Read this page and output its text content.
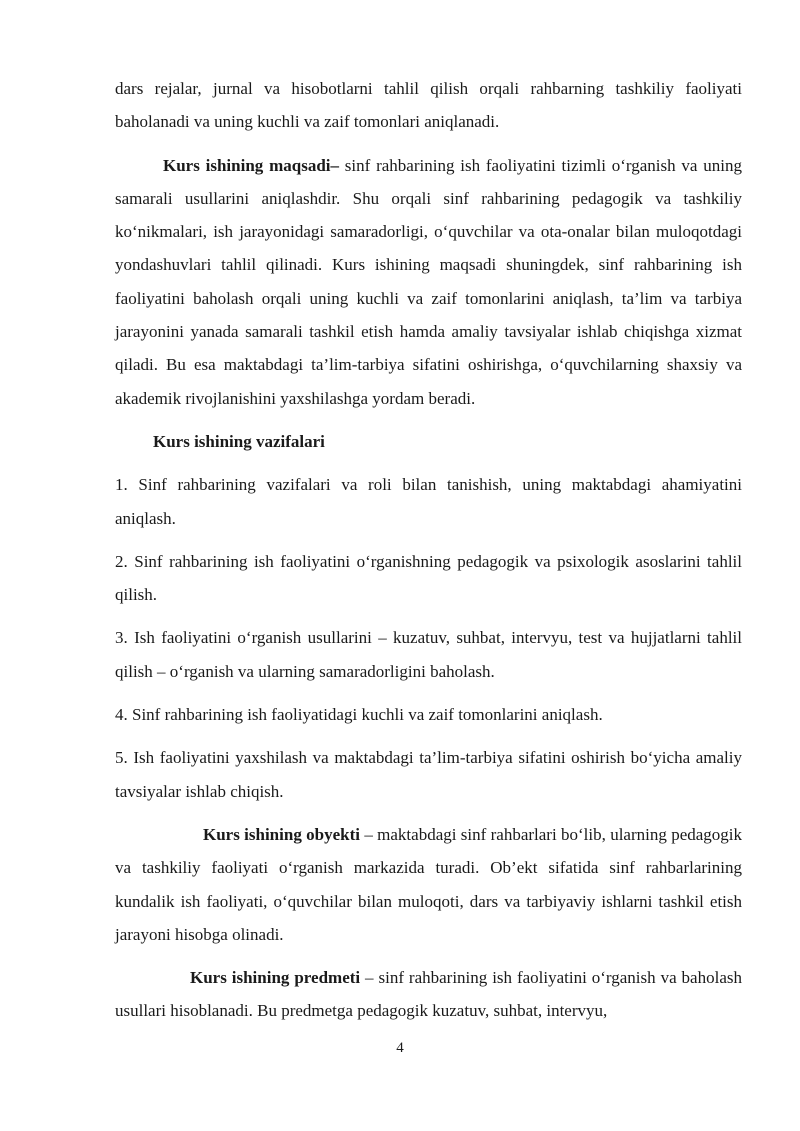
dars rejalar, jurnal va hisobotlarni tahlil qilish orqali rahbarning tashkiliy faoliyati baholanadi va uning kuchli va zaif tomonlari aniqlanadi.

Kurs ishining maqsadi– sinf rahbarining ish faoliyatini tizimli o‘rganish va uning samarali usullarini aniqlashdir. Shu orqali sinf rahbarining pedagogik va tashkiliy ko‘nikmalari, ish jarayonidagi samaradorligi, o‘quvchilar va ota-onalar bilan muloqotdagi yondashuvlari tahlil qilinadi. Kurs ishining maqsadi shuningdek, sinf rahbarining ish faoliyatini baholash orqali uning kuchli va zaif tomonlarini aniqlash, ta’lim va tarbiya jarayonini yanada samarali tashkil etish hamda amaliy tavsiyalar ishlab chiqishga xizmat qiladi. Bu esa maktabdagi ta’lim-tarbiya sifatini oshirishga, o‘quvchilarning shaxsiy va akademik rivojlanishini yaxshilashga yordam beradi.

Kurs ishining vazifalari

1. Sinf rahbarining vazifalari va roli bilan tanishish, uning maktabdagi ahamiyatini aniqlash.

2. Sinf rahbarining ish faoliyatini o‘rganishning pedagogik va psixologik asoslarini tahlil qilish.

3. Ish faoliyatini o‘rganish usullarini – kuzatuv, suhbat, intervyu, test va hujjatlarni tahlil qilish – o‘rganish va ularning samaradorligini baholash.

4. Sinf rahbarining ish faoliyatidagi kuchli va zaif tomonlarini aniqlash.

5. Ish faoliyatini yaxshilash va maktabdagi ta’lim-tarbiya sifatini oshirish bo‘yicha amaliy tavsiyalar ishlab chiqish.

Kurs ishining obyekti – maktabdagi sinf rahbarlari bo‘lib, ularning pedagogik va tashkiliy faoliyati o‘rganish markazida turadi. Ob’ekt sifatida sinf rahbarlarining kundalik ish faoliyati, o‘quvchilar bilan muloqoti, dars va tarbiyaviy ishlarni tashkil etish jarayoni hisobga olinadi.

Kurs ishining predmeti – sinf rahbarining ish faoliyatini o‘rganish va baholash usullari hisoblanadi. Bu predmetga pedagogik kuzatuv, suhbat, intervyu,

4
